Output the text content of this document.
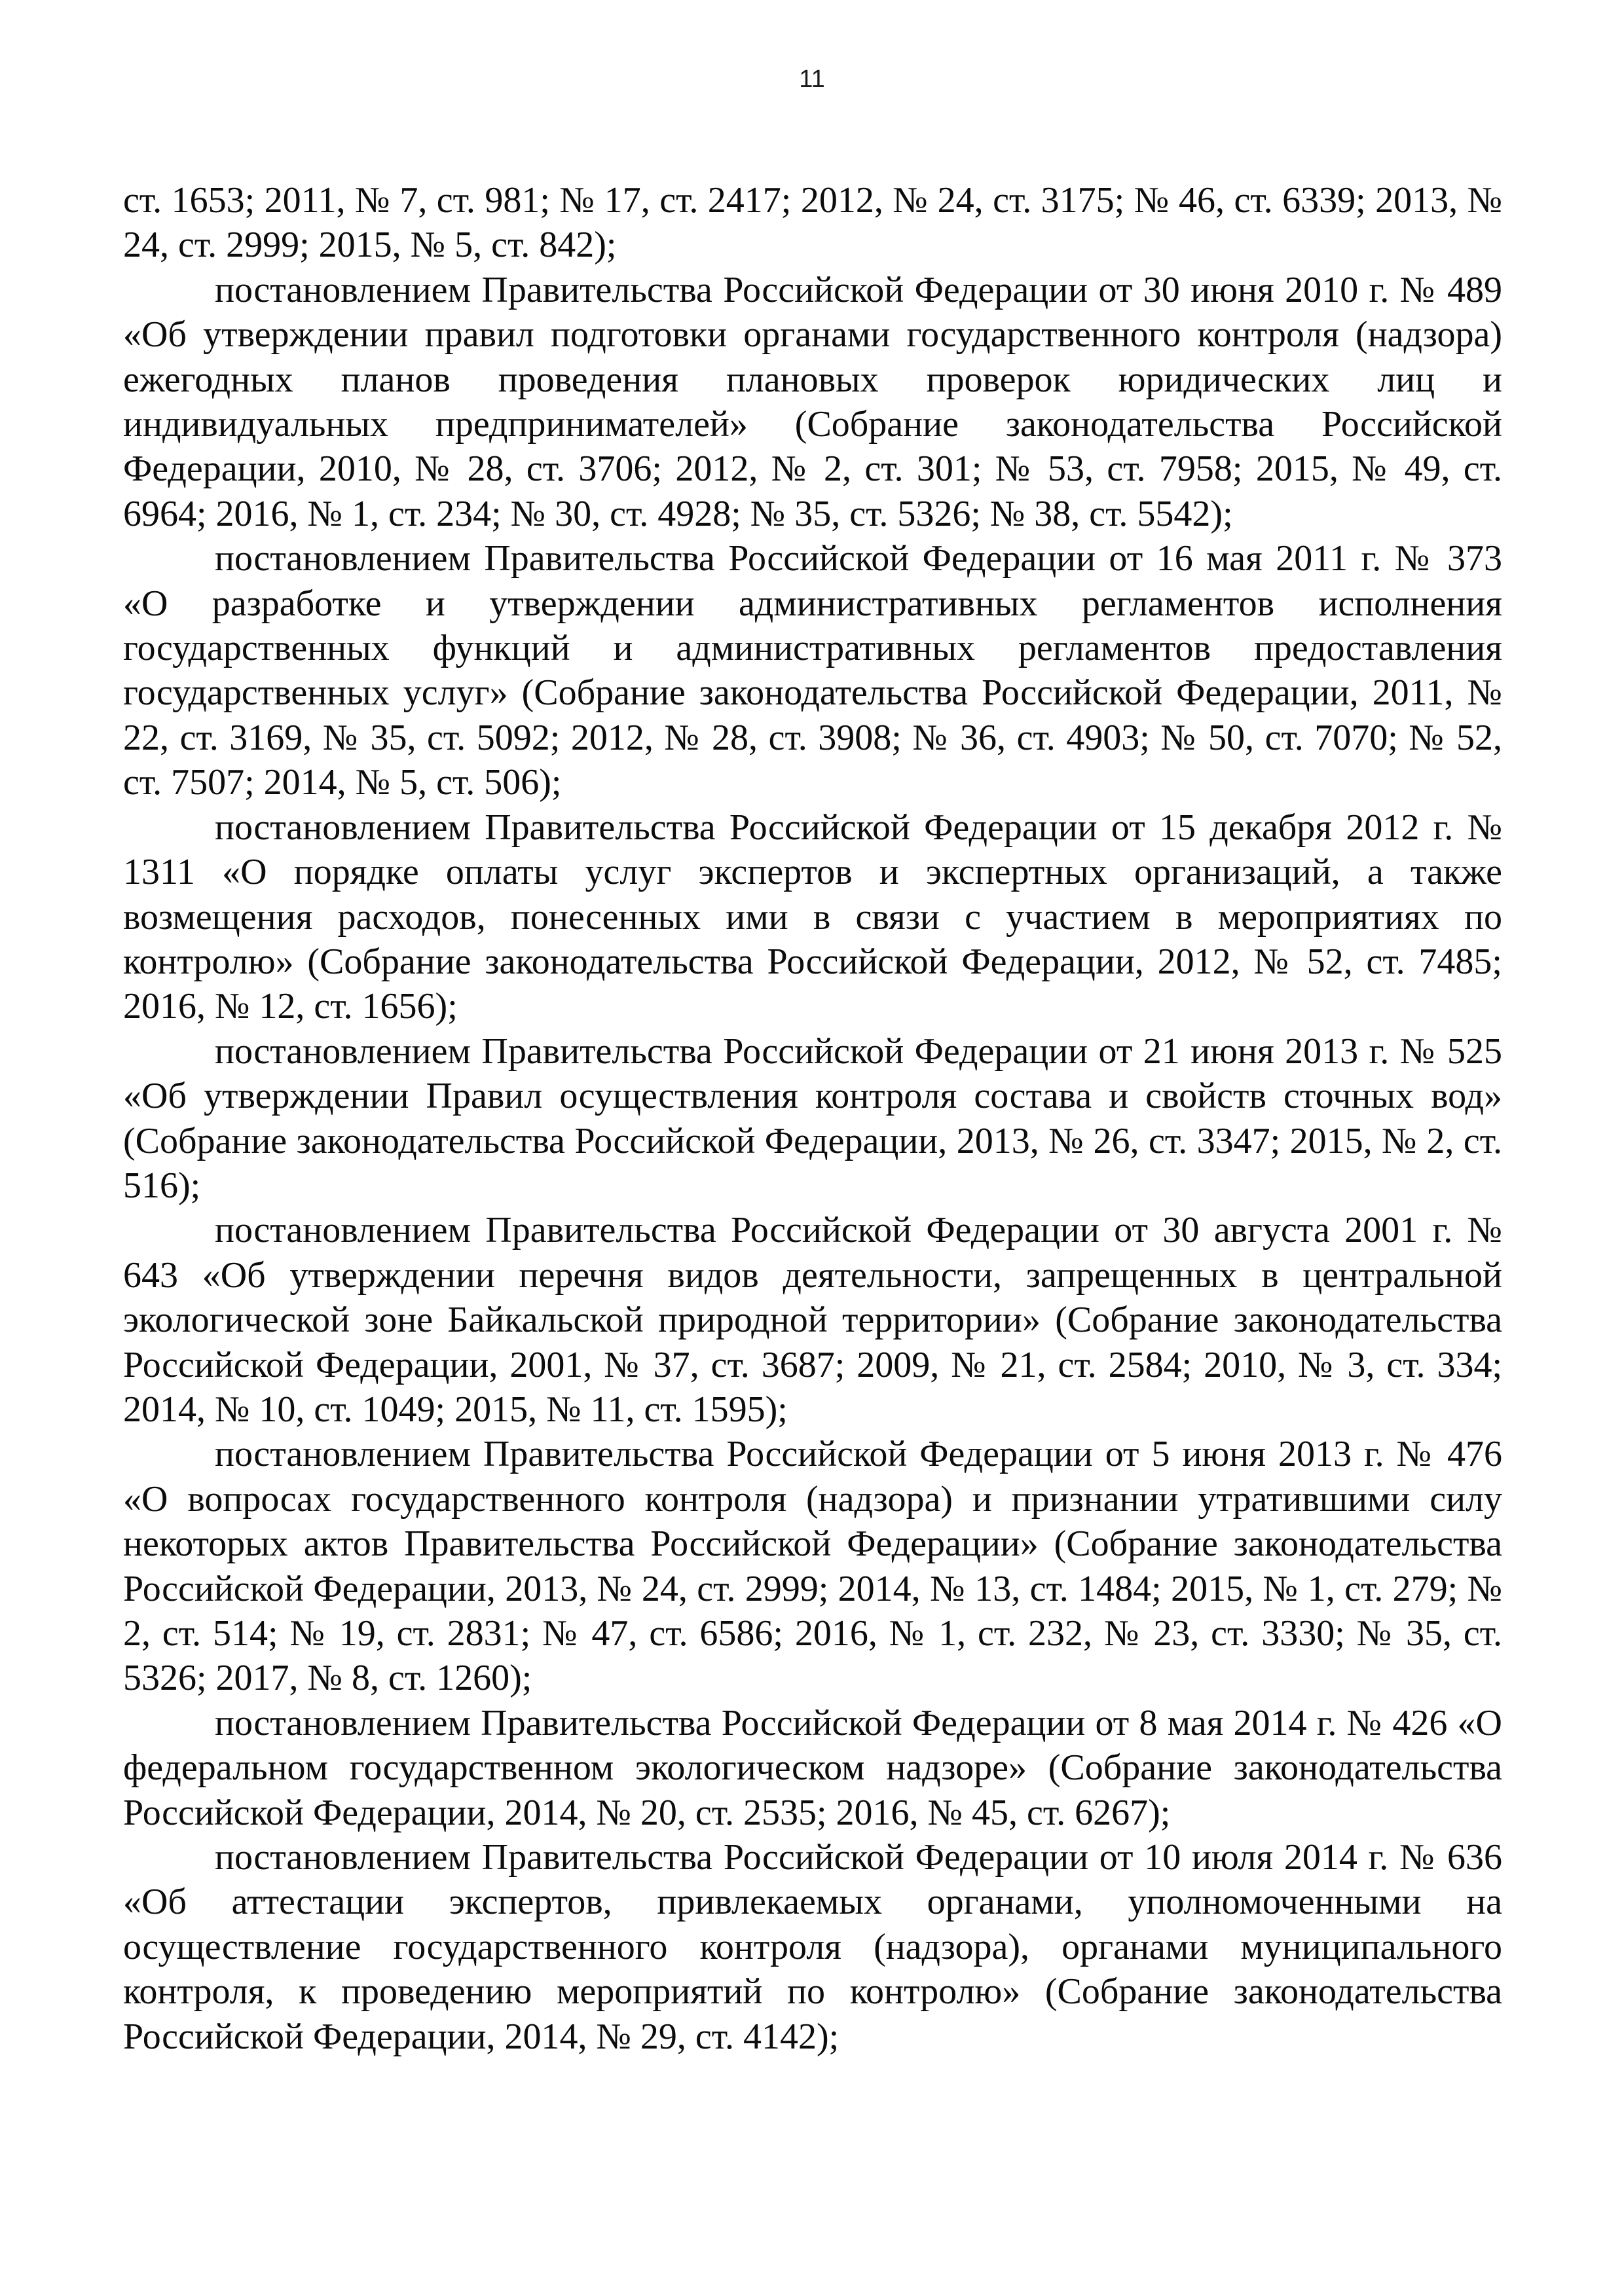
11

ст. 1653; 2011, № 7, ст. 981; № 17, ст. 2417; 2012, № 24, ст. 3175; № 46, ст. 6339; 2013, № 24, ст. 2999; 2015, № 5, ст. 842);

постановлением Правительства Российской Федерации от 30 июня 2010 г. № 489 «Об утверждении правил подготовки органами государственного контроля (надзора) ежегодных планов проведения плановых проверок юридических лиц и индивидуальных предпринимателей» (Собрание законодательства Российской Федерации, 2010, № 28, ст. 3706; 2012, № 2, ст. 301; № 53, ст. 7958; 2015, № 49, ст. 6964; 2016, № 1, ст. 234; № 30, ст. 4928; № 35, ст. 5326; № 38, ст. 5542);

постановлением Правительства Российской Федерации от 16 мая 2011 г. № 373 «О разработке и утверждении административных регламентов исполнения государственных функций и административных регламентов предоставления государственных услуг» (Собрание законодательства Российской Федерации, 2011, № 22, ст. 3169, № 35, ст. 5092; 2012, № 28, ст. 3908; № 36, ст. 4903; № 50, ст. 7070; № 52, ст. 7507; 2014, № 5, ст. 506);

постановлением Правительства Российской Федерации от 15 декабря 2012 г. № 1311 «О порядке оплаты услуг экспертов и экспертных организаций, а также возмещения расходов, понесенных ими в связи с участием в мероприятиях по контролю» (Собрание законодательства Российской Федерации, 2012, № 52, ст. 7485; 2016, № 12, ст. 1656);

постановлением Правительства Российской Федерации от 21 июня 2013 г. № 525 «Об утверждении Правил осуществления контроля состава и свойств сточных вод» (Собрание законодательства Российской Федерации, 2013, № 26, ст. 3347; 2015, № 2, ст. 516);

постановлением Правительства Российской Федерации от 30 августа 2001 г. № 643 «Об утверждении перечня видов деятельности, запрещенных в центральной экологической зоне Байкальской природной территории» (Собрание законодательства Российской Федерации, 2001, № 37, ст. 3687; 2009, № 21, ст. 2584; 2010, № 3, ст. 334; 2014, № 10, ст. 1049; 2015, № 11, ст. 1595);

постановлением Правительства Российской Федерации от 5 июня 2013 г. № 476 «О вопросах государственного контроля (надзора) и признании утратившими силу некоторых актов Правительства Российской Федерации» (Собрание законодательства Российской Федерации, 2013, № 24, ст. 2999; 2014, № 13, ст. 1484; 2015, № 1, ст. 279; № 2, ст. 514; № 19, ст. 2831; № 47, ст. 6586; 2016, № 1, ст. 232, № 23, ст. 3330; № 35, ст. 5326; 2017, № 8, ст. 1260);

постановлением Правительства Российской Федерации от 8 мая 2014 г. № 426 «О федеральном государственном экологическом надзоре» (Собрание законодательства Российской Федерации, 2014, № 20, ст. 2535; 2016, № 45, ст. 6267);

постановлением Правительства Российской Федерации от 10 июля 2014 г. № 636 «Об аттестации экспертов, привлекаемых органами, уполномоченными на осуществление государственного контроля (надзора), органами муниципального контроля, к проведению мероприятий по контролю» (Собрание законодательства Российской Федерации, 2014, № 29, ст. 4142);
